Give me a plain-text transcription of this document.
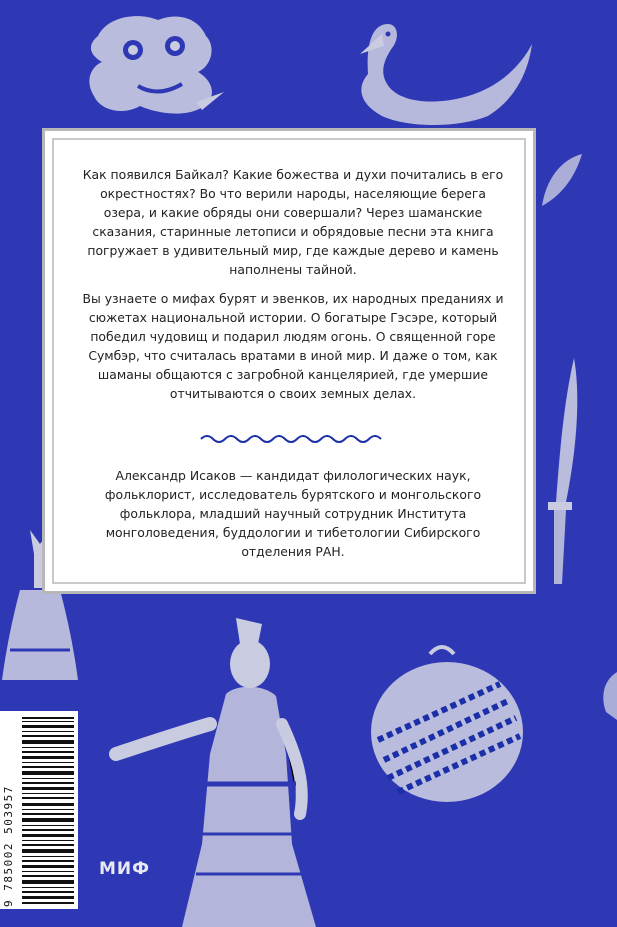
Как появился Байкал? Какие божества и духи почитались в его окрестностях? Во что верили народы, населяющие берега озера, и какие обряды они совершали? Через шаманские сказания, старинные летописи и обрядовые песни эта книга погружает в удивительный мир, где каждые дерево и камень наполнены тайной.

Вы узнаете о мифах бурят и эвенков, их народных преданиях и сюжетах национальной истории. О богатыре Гэсэре, который победил чудовищ и подарил людям огонь. О священной горе Сумбэр, что считалась вратами в иной мир. И даже о том, как шаманы общаются с загробной канцелярией, где умершие отчитываются о своих земных делах.

Александр Исаков — кандидат филологических наук, фольклорист, исследователь бурятского и монгольского фольклора, младший научный сотрудник Института монголоведения, буддологии и тибетологии Сибирского отделения РАН.

9 785002 503957	МИФ
